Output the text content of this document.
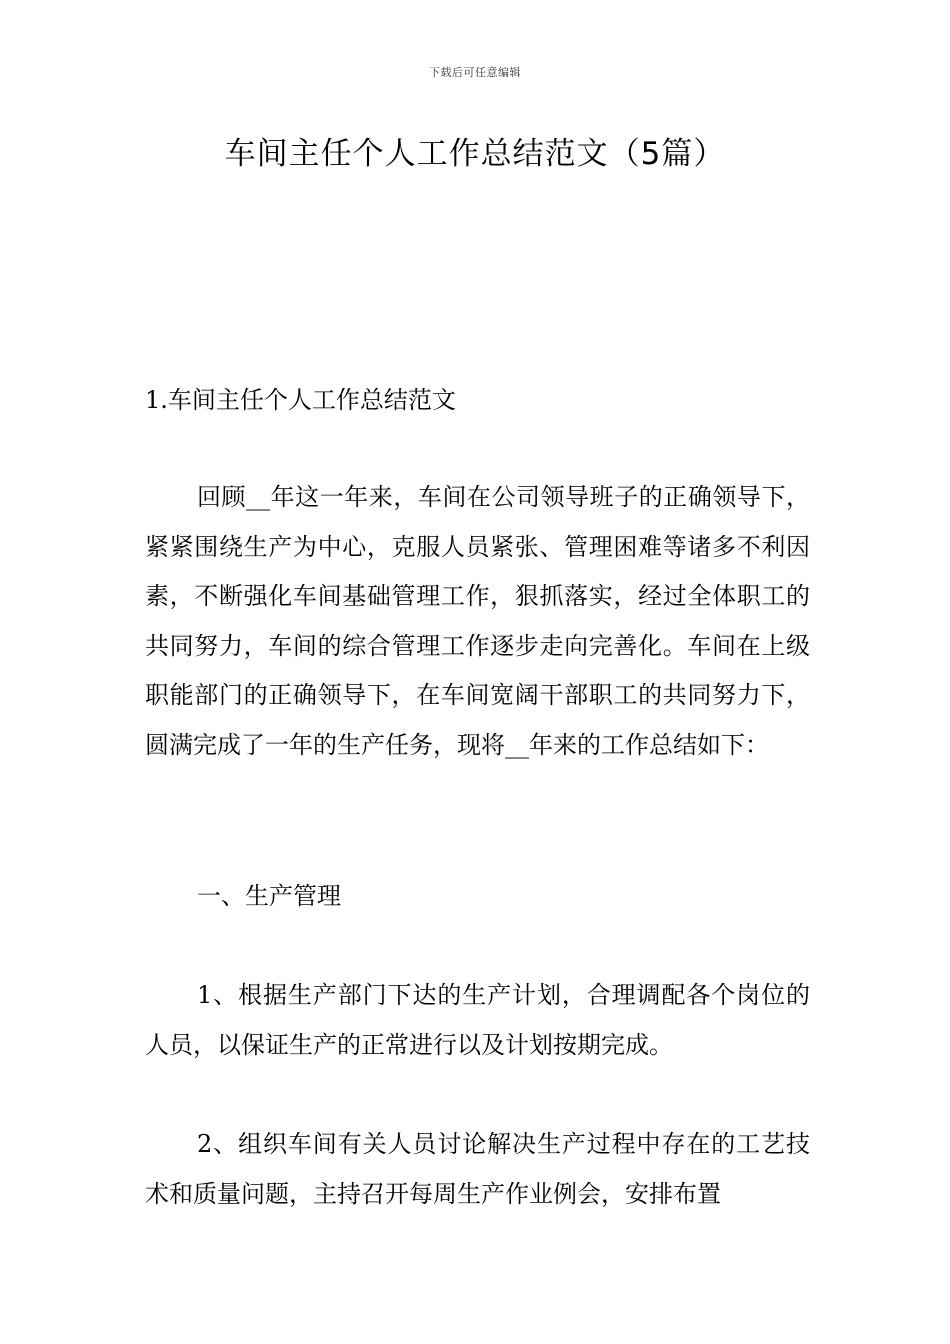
下载后可任意编辑
车间主任个人工作总结范文（5篇）

1.车间主任个人工作总结范文

回顾__年这一年来，车间在公司领导班子的正确领导下，紧紧围绕生产为中心，克服人员紧张、管理困难等诸多不利因素，不断强化车间基础管理工作，狠抓落实，经过全体职工的共同努力，车间的综合管理工作逐步走向完善化。车间在上级职能部门的正确领导下，在车间宽阔干部职工的共同努力下，圆满完成了一年的生产任务，现将__年来的工作总结如下：

一、生产管理

1、根据生产部门下达的生产计划，合理调配各个岗位的人员，以保证生产的正常进行以及计划按期完成。

2、组织车间有关人员讨论解决生产过程中存在的工艺技术和质量问题，主持召开每周生产作业例会，安排布置
